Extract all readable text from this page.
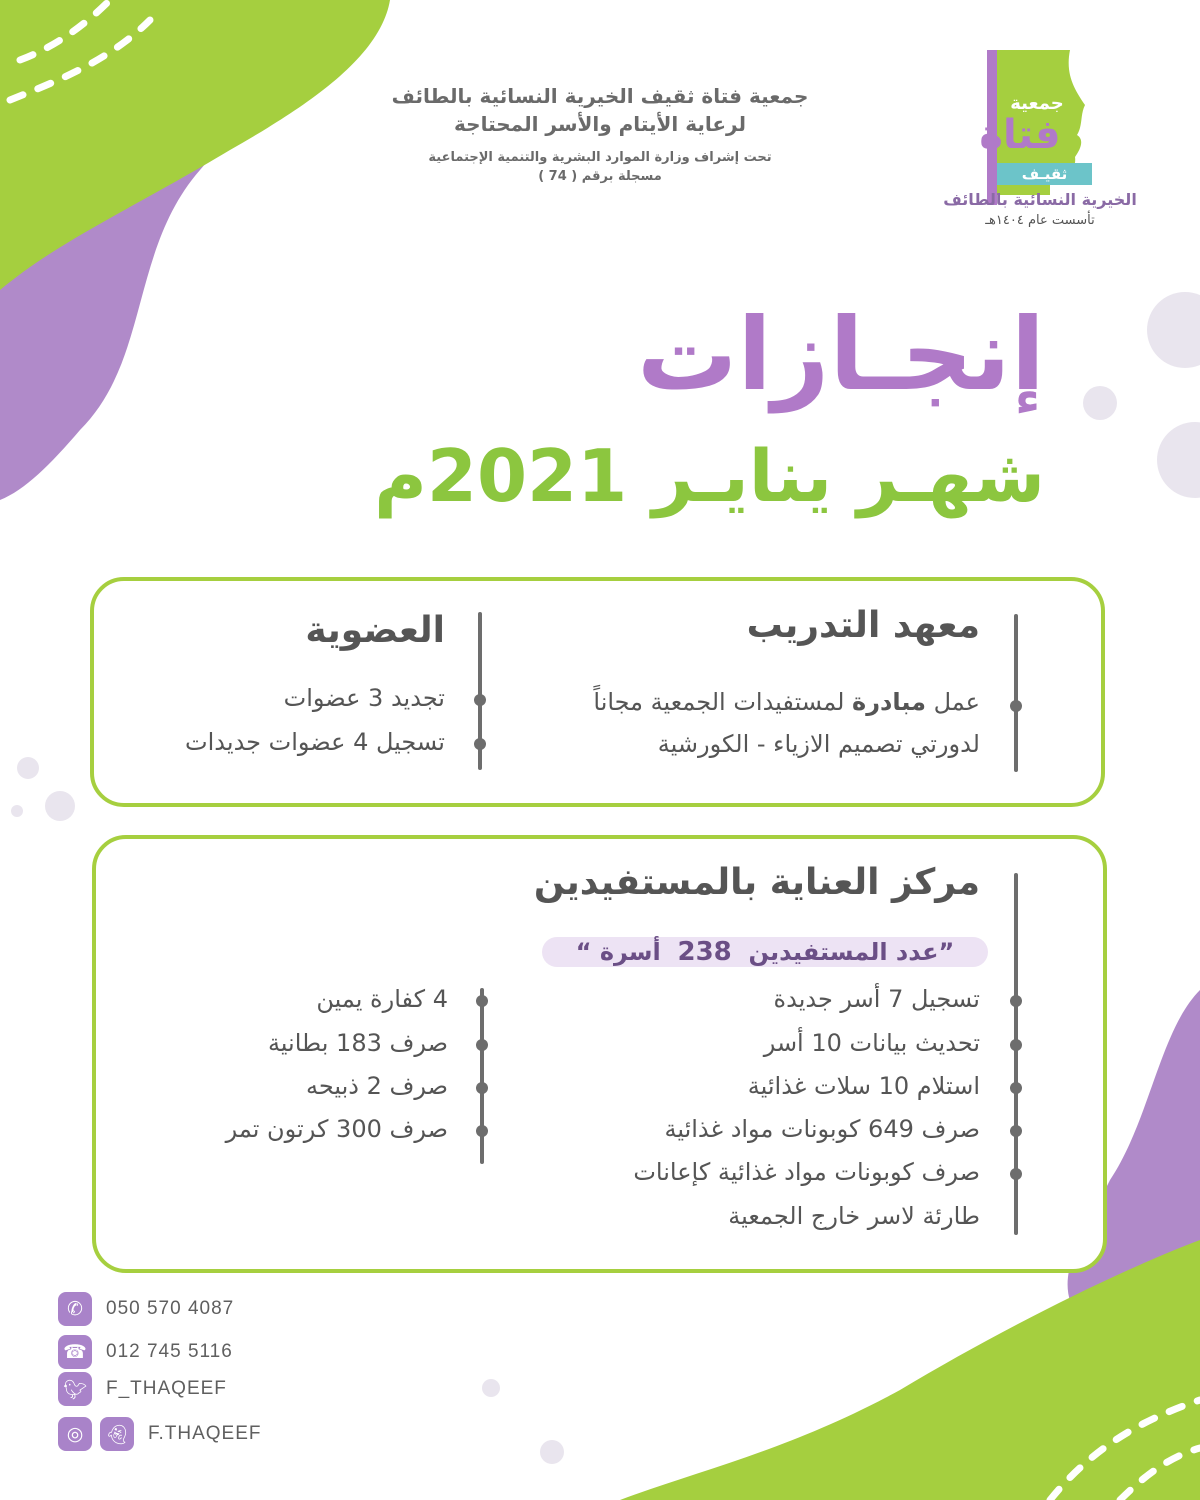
جمعية فتاة ثقيف الخيرية النسائية بالطائف
لرعاية الأيتام والأسر المحتاجة
تحت إشراف وزارة الموارد البشرية والتنمية الإجتماعية
مسجلة برقم ( 74 )
جمعية
فتاة
ثقيـف
الخيرية النسائية بالطائف
تأسست عام ١٤٠٤هـ
إنجـازات
شهـر ينايـر 2021م
معهد التدريب
عمل مبادرة لمستفيدات الجمعية مجاناً
لدورتي تصميم الازياء - الكورشية
العضوية
تجديد 3 عضوات
تسجيل 4 عضوات جديدات
مركز العناية بالمستفيدين
”عدد المستفيدين  238  أسرة “
تسجيل 7 أسر جديدة
تحديث بيانات 10 أسر
استلام 10 سلات غذائية
صرف 649 كوبونات مواد غذائية
صرف كوبونات مواد غذائية كإعانات
طارئة لاسر خارج الجمعية
4 كفارة يمين
صرف 183 بطانية
صرف 2 ذبيحه
صرف 300 كرتون تمر
✆	050 570 4087
☎ 012 745 5116
🐦︎ F_THAQEEF
◎	👻︎ F.THAQEEF
